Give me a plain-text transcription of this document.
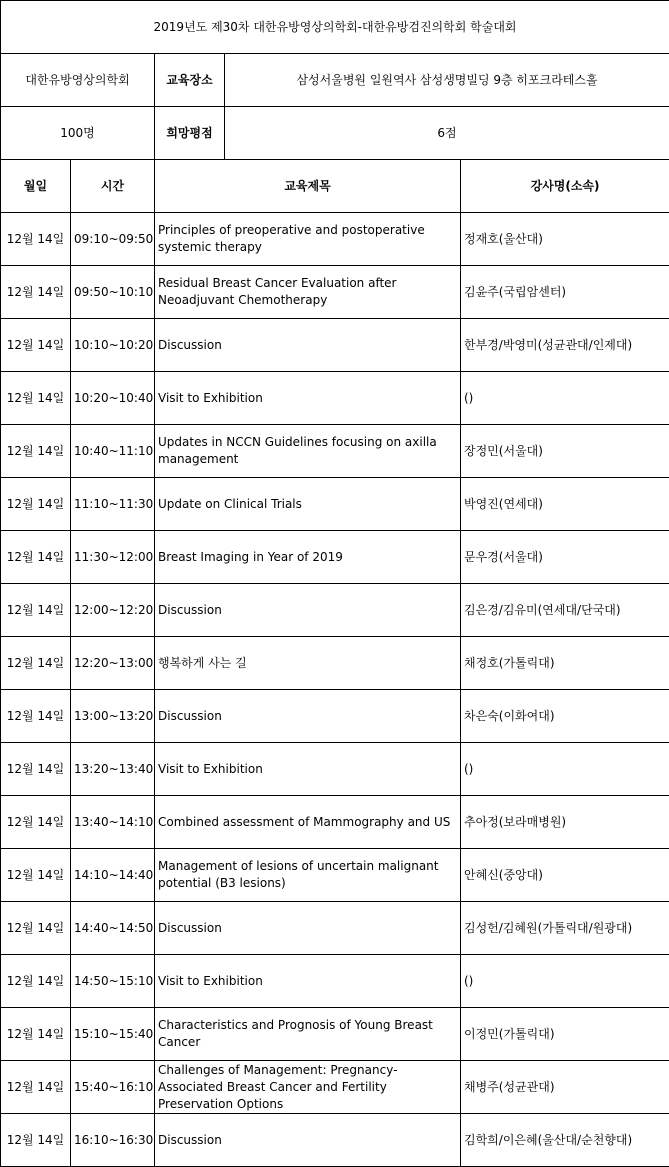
2019년도 제30차 대한유방영상의학회-대한유방검진의학회 학술대회				
대한유방영상의학회		교육장소	삼성서울병원 일원역사 삼성생명빌딩 9층 히포크라테스홀	
100명		희망평점	6점	
월일	시간	교육제목		강사명(소속)
12월 14일	09:10~09:50	Principles of preoperative and postoperative systemic therapy		정재호(울산대)
12월 14일	09:50~10:10	Residual Breast Cancer Evaluation after Neoadjuvant Chemotherapy		김윤주(국립암센터)
12월 14일	10:10~10:20	Discussion		한부경/박영미(성균관대/인제대)
12월 14일	10:20~10:40	Visit to Exhibition		()
12월 14일	10:40~11:10	Updates in NCCN Guidelines focusing on axilla management		장정민(서울대)
12월 14일	11:10~11:30	Update on Clinical Trials		박영진(연세대)
12월 14일	11:30~12:00	Breast Imaging in Year of 2019		문우경(서울대)
12월 14일	12:00~12:20	Discussion		김은경/김유미(연세대/단국대)
12월 14일	12:20~13:00	행복하게 사는 길		채정호(가톨릭대)
12월 14일	13:00~13:20	Discussion		차은숙(이화여대)
12월 14일	13:20~13:40	Visit to Exhibition		()
12월 14일	13:40~14:10	Combined assessment of Mammography and US		추아정(보라매병원)
12월 14일	14:10~14:40	Management of lesions of uncertain malignant potential (B3 lesions)		안혜신(중앙대)
12월 14일	14:40~14:50	Discussion		김성헌/김혜원(가톨릭대/원광대)
12월 14일	14:50~15:10	Visit to Exhibition		()
12월 14일	15:10~15:40	Characteristics and Prognosis of Young Breast Cancer		이정민(가톨릭대)
12월 14일	15:40~16:10	Challenges of Management: Pregnancy-Associated Breast Cancer and Fertility Preservation Options		채병주(성균관대)
12월 14일	16:10~16:30	Discussion		김학희/이은혜(울산대/순천향대)
